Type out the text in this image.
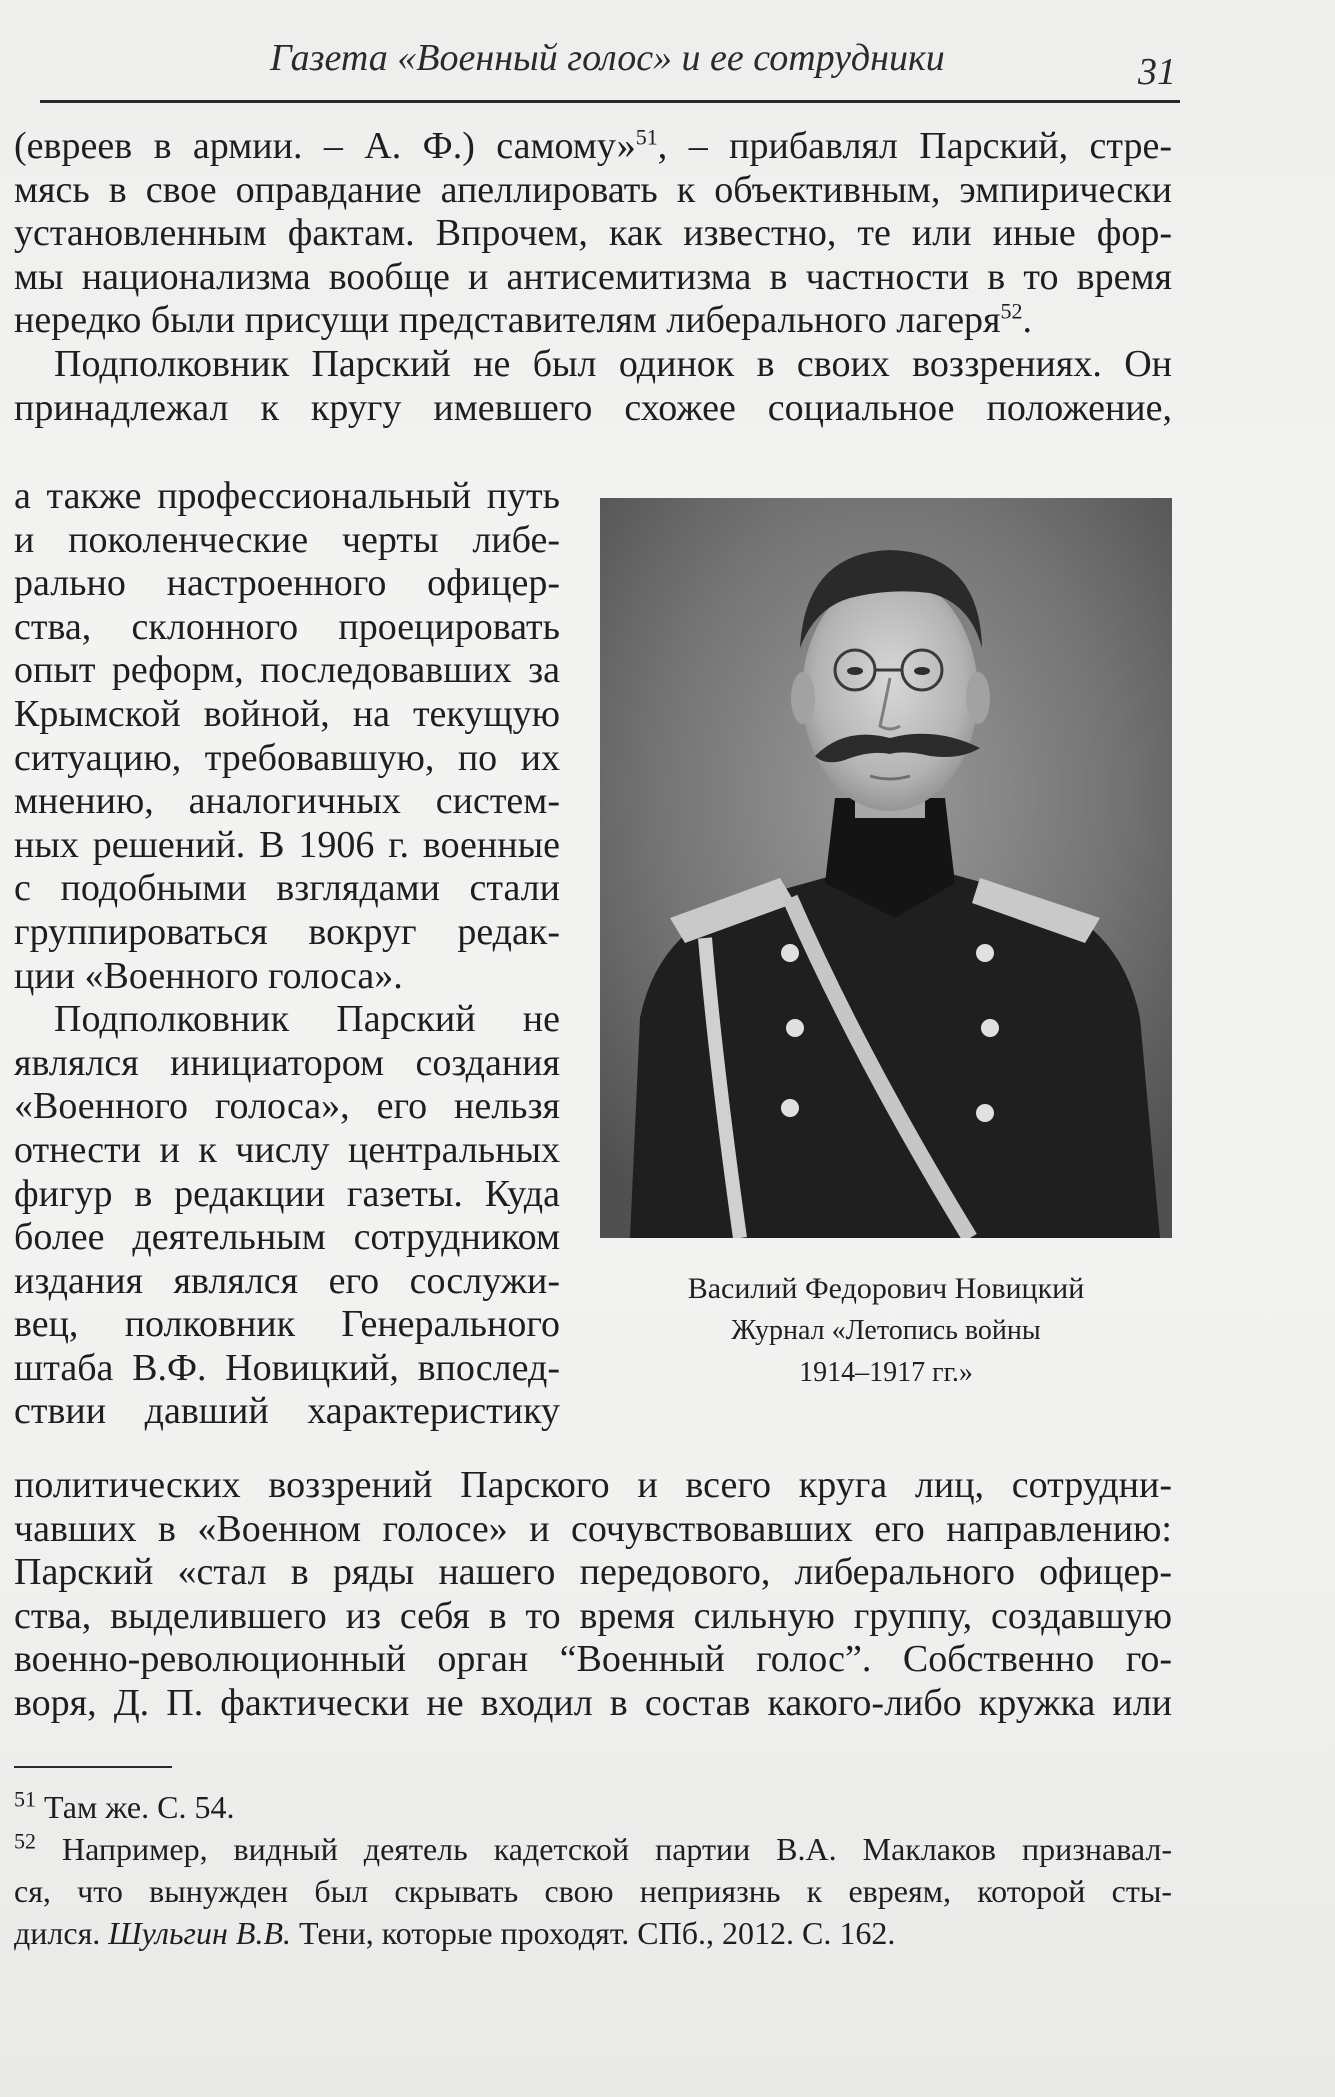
Газета «Военный голос» и ее сотрудники	31
(евреев в армии. – А. Ф.) самому»$^{51}$, – прибавлял Парский, стре-
мясь в свое оправдание апеллировать к объективным, эмпирически
установленным фактам. Впрочем, как известно, те или иные фор-
мы национализма вообще и антисемитизма в частности в то время
нередко были присущи представителям либерального лагеря$^{52}$.
Подполковник Парский не был одинок в своих воззрениях. Он
принадлежал к кругу имевшего схожее социальное положение,
а также профессиональный путь
и поколенческие черты либе-
рально настроенного офицер-
ства, склонного проецировать
опыт реформ, последовавших за
Крымской войной, на текущую
ситуацию, требовавшую, по их
мнению, аналогичных систем-
ных решений. В 1906 г. военные
с подобными взглядами стали
группироваться вокруг редак-
ции «Военного голоса».
Подполковник Парский не
являлся инициатором создания
«Военного голоса», его нельзя
отнести и к числу центральных
фигур в редакции газеты. Куда
более деятельным сотрудником
издания являлся его сослужи-
вец, полковник Генерального
штаба В.Ф. Новицкий, впослед-
ствии давший характеристику
Василий Федорович Новицкий
Журнал «Летопись войны
1914–1917 гг.»
политических воззрений Парского и всего круга лиц, сотрудни-
чавших в «Военном голосе» и сочувствовавших его направлению:
Парский «стал в ряды нашего передового, либерального офицер-
ства, выделившего из себя в то время сильную группу, создавшую
военно-революционный орган “Военный голос”. Собственно го-
воря, Д. П. фактически не входил в состав какого-либо кружка или
$^{51}$ Там же. С. 54.
$^{52}$ Например, видный деятель кадетской партии В.А. Маклаков признавал-
ся, что вынужден был скрывать свою неприязнь к евреям, которой сты-
дился. Шульгин В.В. Тени, которые проходят. СПб., 2012. С. 162.
